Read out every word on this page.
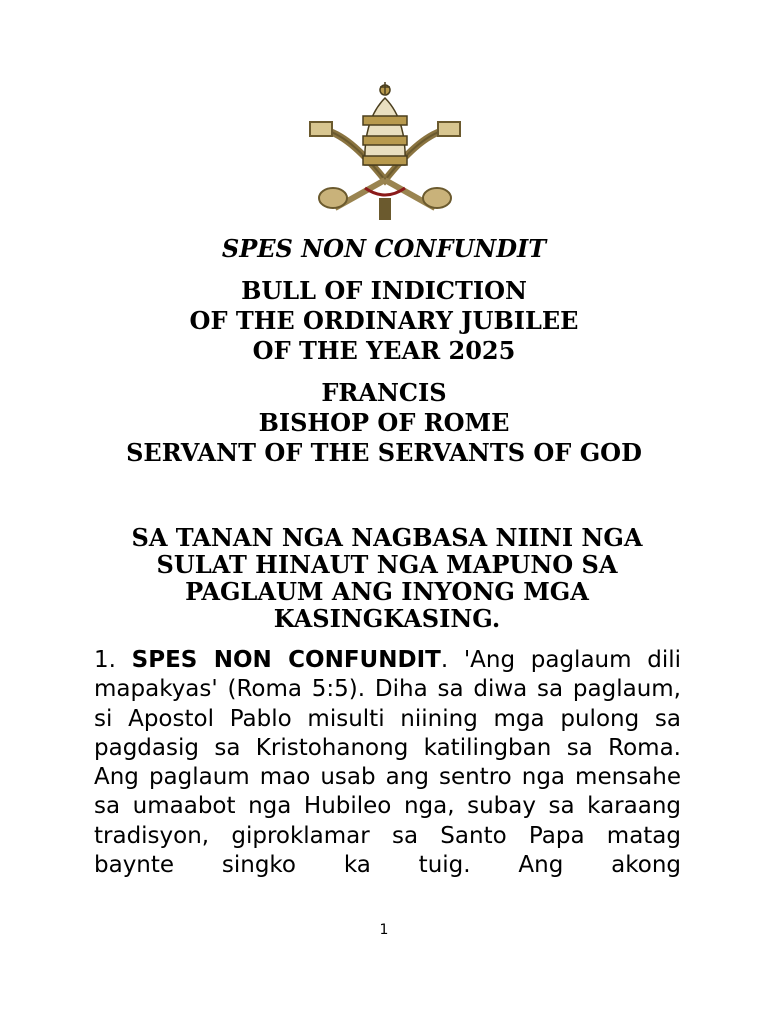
SPES NON CONFUNDIT
BULL OF INDICTION
OF THE ORDINARY JUBILEE
OF THE YEAR 2025
FRANCIS
BISHOP OF ROME
SERVANT OF THE SERVANTS OF GOD
SA TANAN NGA NAGBASA NIINI NGA
SULAT HINAUT NGA MAPUNO SA
PAGLAUM ANG INYONG MGA
KASINGKASING.

1. SPES NON CONFUNDIT. 'Ang paglaum dili mapakyas' (Roma 5:5). Diha sa diwa sa paglaum, si Apostol Pablo misulti niining mga pulong sa pagdasig sa Kristohanong katilingban sa Roma. Ang paglaum mao usab ang sentro nga mensahe sa umaabot nga Hubileo nga, subay sa karaang tradisyon, giproklamar sa Santo Papa matag baynte singko ka tuig. Ang akong

1
